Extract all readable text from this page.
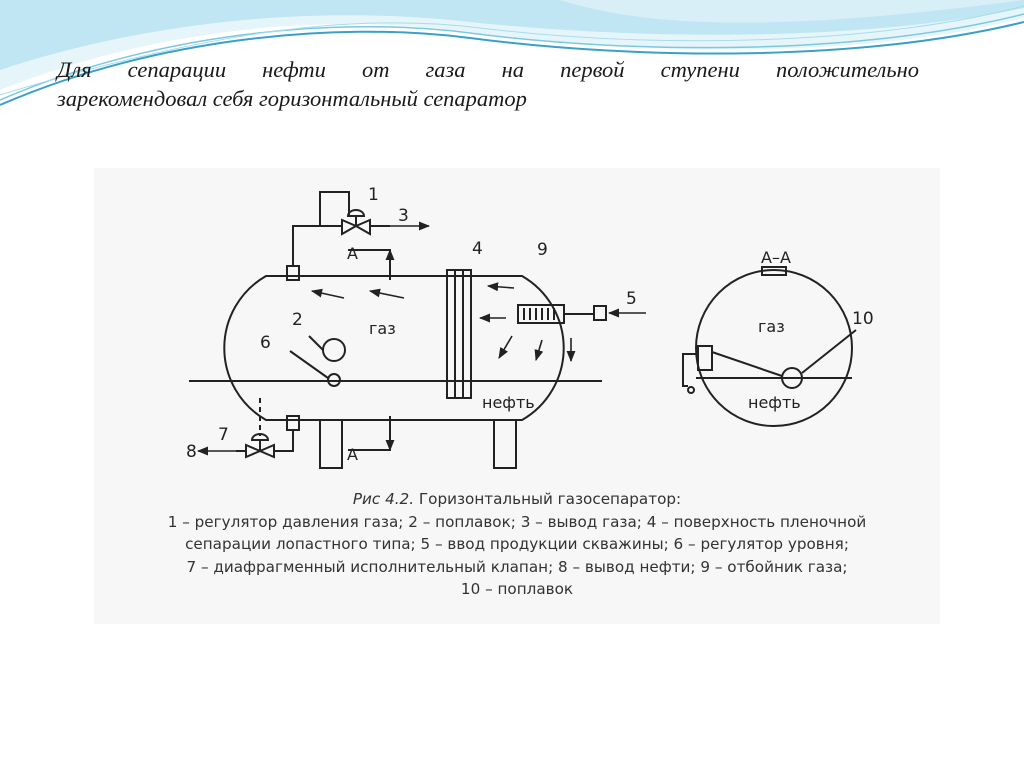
Для сепарации нефти от газа на первой ступени положительно
зарекомендовал себя горизонтальный сепаратор

газ
нефть
А
А
А–А
газ
нефть
1
2
3
4
5
6
7
8
9
10
Рис 4.2. Горизонтальный газосепаратор:
1 – регулятор давления газа; 2 – поплавок; 3 – вывод газа; 4 – поверхность пленочной
сепарации лопастного типа; 5 – ввод продукции скважины; 6 – регулятор уровня;
7 – диафрагменный исполнительный клапан; 8 – вывод нефти; 9 – отбойник газа;
10 – поплавок
